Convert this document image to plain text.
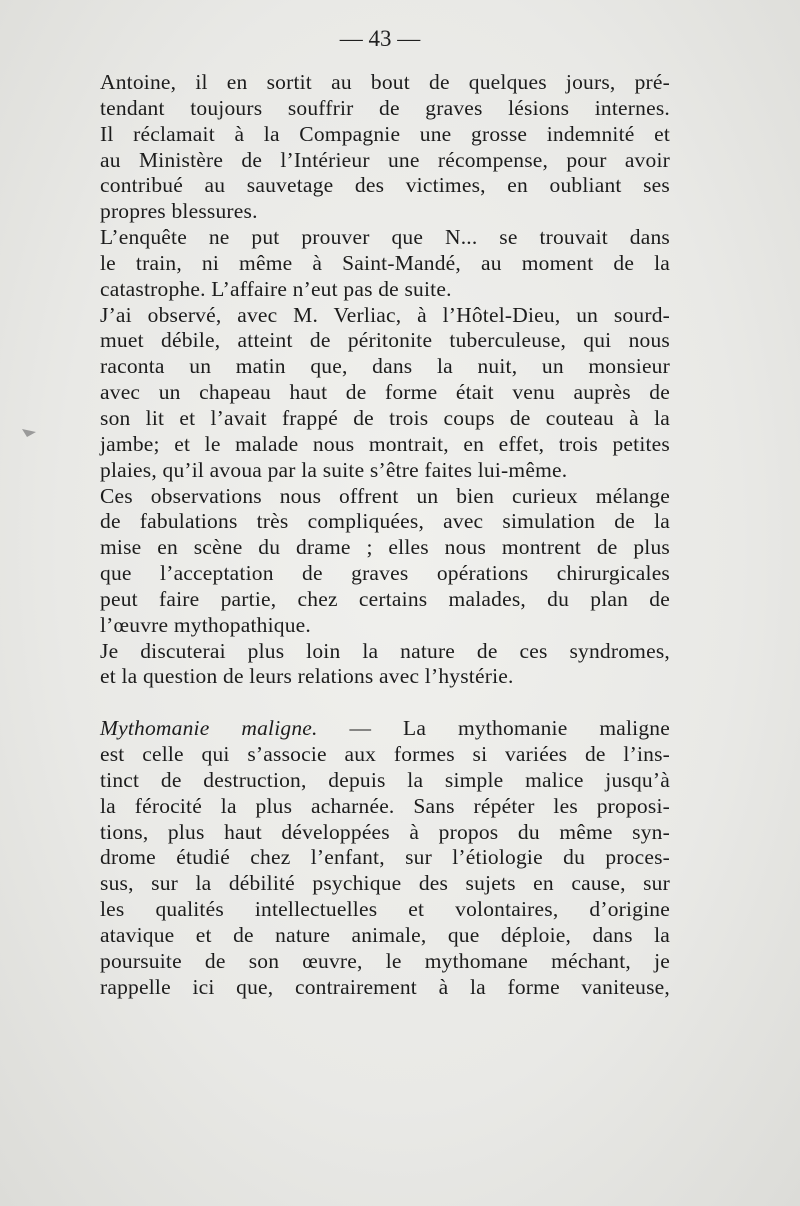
— 43 —
Antoine, il en sortit au bout de quelques jours, pré-
tendant toujours souffrir de graves lésions internes.
Il réclamait à la Compagnie une grosse indemnité et
au Ministère de l’Intérieur une récompense, pour avoir
contribué au sauvetage des victimes, en oubliant ses
propres blessures.
L’enquête ne put prouver que N... se trouvait dans
le train, ni même à Saint-Mandé, au moment de la
catastrophe. L’affaire n’eut pas de suite.
J’ai observé, avec M. Verliac, à l’Hôtel-Dieu, un sourd-
muet débile, atteint de péritonite tuberculeuse, qui nous
raconta un matin que, dans la nuit, un monsieur
avec un chapeau haut de forme était venu auprès de
son lit et l’avait frappé de trois coups de couteau à la
jambe; et le malade nous montrait, en effet, trois petites
plaies, qu’il avoua par la suite s’être faites lui-même.
Ces observations nous offrent un bien curieux mélange
de fabulations très compliquées, avec simulation de la
mise en scène du drame ; elles nous montrent de plus
que l’acceptation de graves opérations chirurgicales
peut faire partie, chez certains malades, du plan de
l’œuvre mythopathique.
Je discuterai plus loin la nature de ces syndromes,
et la question de leurs relations avec l’hystérie.
Mythomanie maligne. — La mythomanie maligne
est celle qui s’associe aux formes si variées de l’ins-
tinct de destruction, depuis la simple malice jusqu’à
la férocité la plus acharnée. Sans répéter les proposi-
tions, plus haut développées à propos du même syn-
drome étudié chez l’enfant, sur l’étiologie du proces-
sus, sur la débilité psychique des sujets en cause, sur
les qualités intellectuelles et volontaires, d’origine
atavique et de nature animale, que déploie, dans la
poursuite de son œuvre, le mythomane méchant, je
rappelle ici que, contrairement à la forme vaniteuse,
